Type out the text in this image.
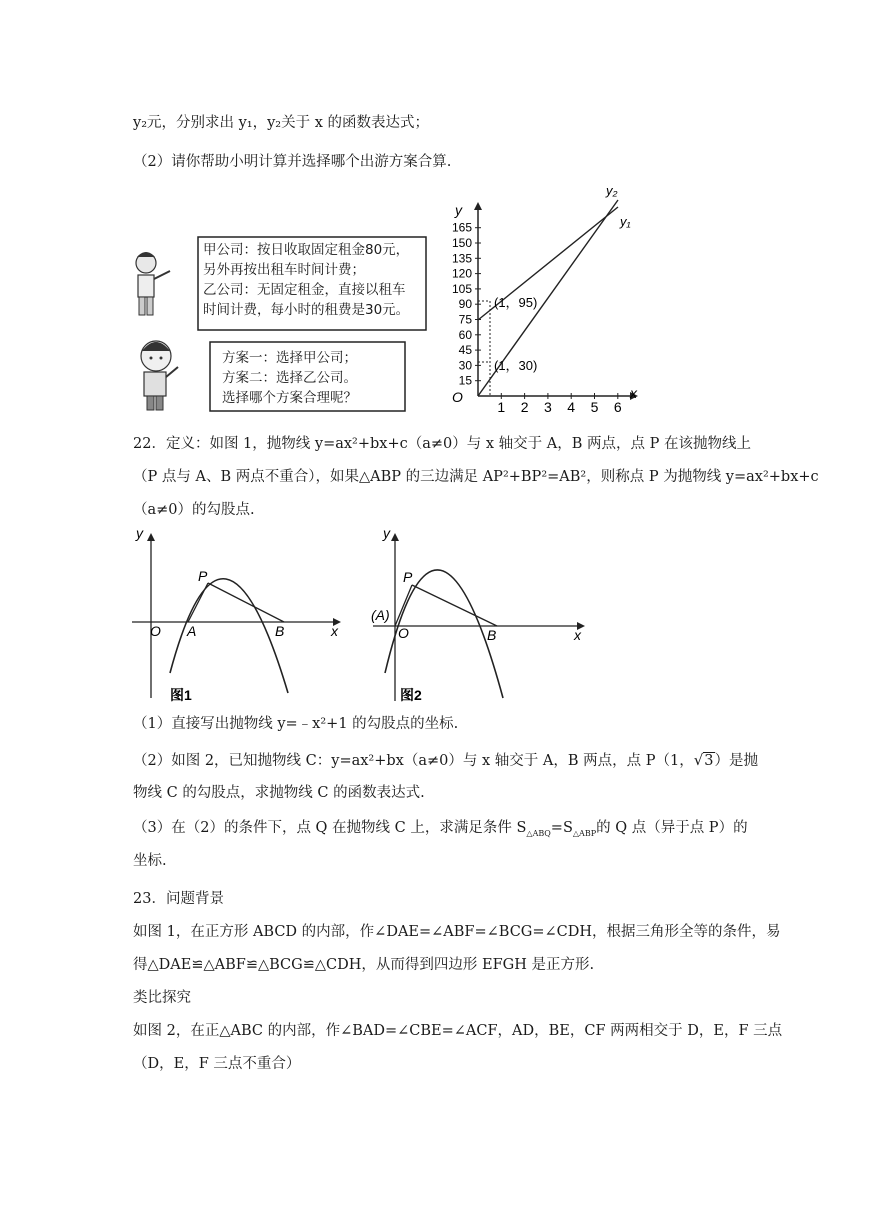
y₂元，分别求出 y₁，y₂关于 x 的函数表达式；
（2）请你帮助小明计算并选择哪个出游方案合算.
甲公司：按日收取固定租金80元，
另外再按出租车时间计费；
乙公司：无固定租金，直接以租车
时间计费，每小时的租费是30元。
方案一：选择甲公司；
方案二：选择乙公司。
选择哪个方案合理呢？
y
x
O
165
150
135
120
105
90
75
60
45
30
15
1 2 3 4 5 6
y₂
y₁
(1，95)
(1，30)
22．定义：如图 1，抛物线 y=ax²+bx+c（a≠0）与 x 轴交于 A，B 两点，点 P 在该抛物线上
（P 点与 A、B 两点不重合），如果△ABP 的三边满足 AP²+BP²=AB²，则称点 P 为抛物线 y=ax²+bx+c
（a≠0）的勾股点.
y
x
O A	B
P
图1
y
x
O
(A)
B
P
图2
（1）直接写出抛物线 y=﹣x²+1 的勾股点的坐标.
（2）如图 2，已知抛物线 C：y=ax²+bx（a≠0）与 x 轴交于 A，B 两点，点 P（1，√3）是抛
物线 C 的勾股点，求抛物线 C 的函数表达式.
（3）在（2）的条件下，点 Q 在抛物线 C 上，求满足条件 $S_{\triangle ABQ}=S_{\triangle ABP}$的 Q 点（异于点 P）的
坐标.
23．问题背景
如图 1，在正方形 ABCD 的内部，作∠DAE=∠ABF=∠BCG=∠CDH，根据三角形全等的条件，易
得△DAE≌△ABF≌△BCG≌△CDH，从而得到四边形 EFGH 是正方形.
类比探究
如图 2，在正△ABC 的内部，作∠BAD=∠CBE=∠ACF，AD，BE，CF 两两相交于 D，E，F 三点
（D，E，F 三点不重合）
